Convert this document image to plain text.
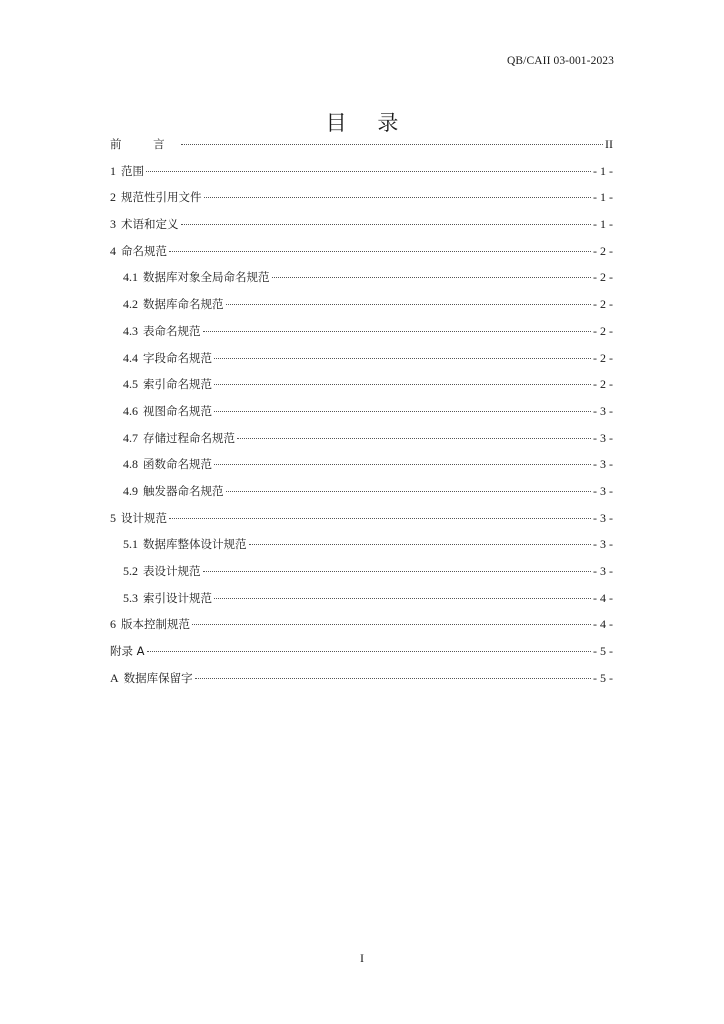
QB/CAII 03-001-2023
目 录
前 言	II
1 范围	- 1 -
2 规范性引用文件	- 1 -
3 术语和定义	- 1 -
4 命名规范	- 2 -
4.1 数据库对象全局命名规范	- 2 -
4.2 数据库命名规范	- 2 -
4.3 表命名规范	- 2 -
4.4 字段命名规范	- 2 -
4.5 索引命名规范	- 2 -
4.6 视图命名规范	- 3 -
4.7 存储过程命名规范	- 3 -
4.8 函数命名规范	- 3 -
4.9 触发器命名规范	- 3 -
5 设计规范	- 3 -
5.1 数据库整体设计规范	- 3 -
5.2 表设计规范	- 3 -
5.3 索引设计规范	- 4 -
6 版本控制规范	- 4 -
附录 A	- 5 -
A 数据库保留字	- 5 -
I
